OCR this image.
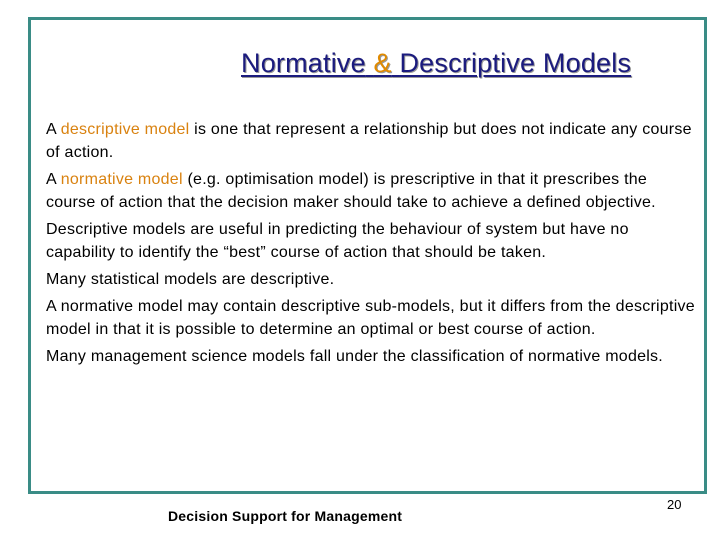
Normative & Descriptive Models

A descriptive model is one that represent a relationship but does not indicate any course of action.

A normative model (e.g. optimisation model) is prescriptive in that it prescribes the course of action that the decision maker should take to achieve a defined objective.

Descriptive models are useful in predicting the behaviour of system but have no capability to identify the “best” course of action that should be taken.

Many statistical models are descriptive.

A normative model may contain descriptive sub-models, but it differs from the descriptive model in that it is possible to determine an optimal or best course of action.

Many management science models fall under the classification of normative models.

Decision Support for Management
20
